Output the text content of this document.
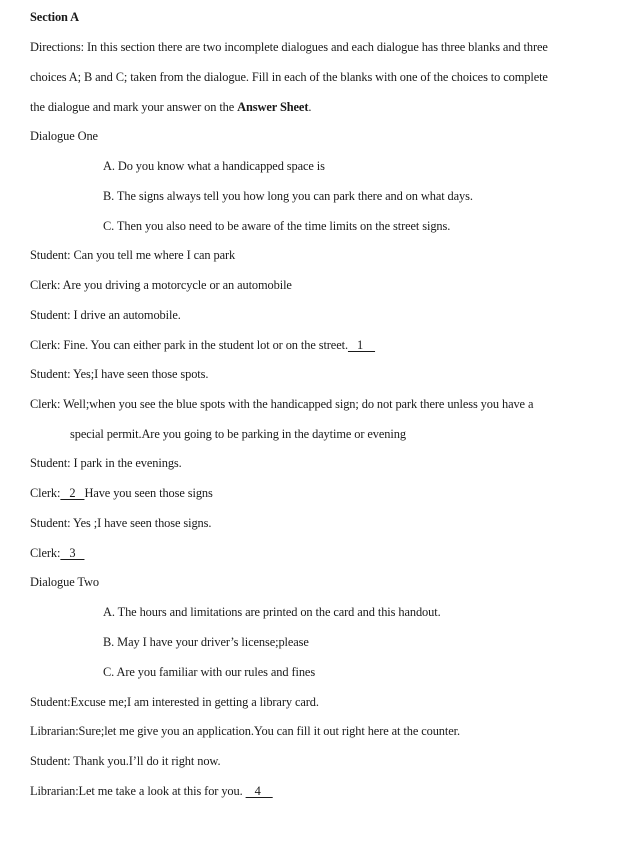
Section A
Directions: In this section there are two incomplete dialogues and each dialogue has three blanks and three
choices A; B and C; taken from the dialogue. Fill in each of the blanks with one of the choices to complete
the dialogue and mark your answer on the Answer Sheet.
Dialogue One
A. Do you know what a handicapped space is
B. The signs always tell you how long you can park there and on what days.
C. Then you also need to be aware of the time limits on the street signs.
Student: Can you tell me where I can park
Clerk: Are you driving a motorcycle or an automobile
Student: I drive an automobile.
Clerk: Fine. You can either park in the student lot or on the street.   1
Student: Yes;I have seen those spots.
Clerk: Well;when you see the blue spots with the handicapped sign; do not park there unless you have a
special permit.Are you going to be parking in the daytime or evening
Student: I park in the evenings.
Clerk:   2   Have you seen those signs
Student: Yes ;I have seen those signs.
Clerk:   3
Dialogue Two
A. The hours and limitations are printed on the card and this handout.
B. May I have your driver’s license;please
C. Are you familiar with our rules and fines
Student:Excuse me;I am interested in getting a library card.
Librarian:Sure;let me give you an application.You can fill it out right here at the counter.
Student: Thank you.I’ll do it right now.
Librarian:Let me take a look at this for you.    4
